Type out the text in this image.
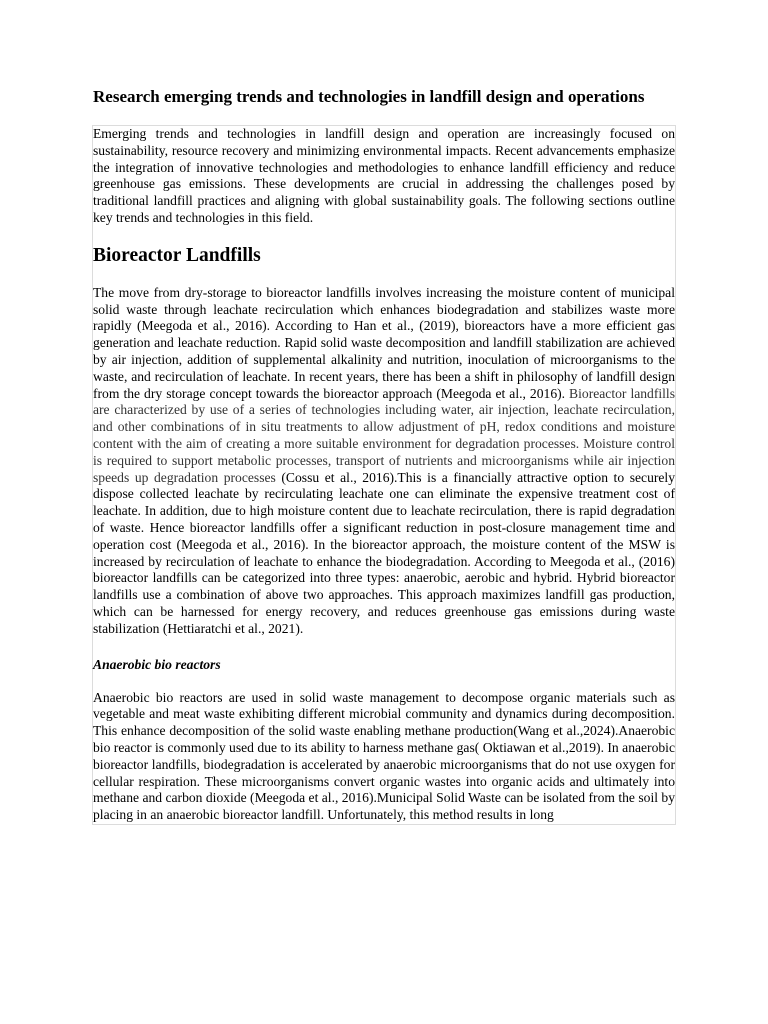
Research emerging trends and technologies in landfill design and operations

Emerging trends and technologies in landfill design and operation are increasingly focused on sustainability, resource recovery and minimizing environmental impacts. Recent advancements emphasize the integration of innovative technologies and methodologies to enhance landfill efficiency and reduce greenhouse gas emissions. These developments are crucial in addressing the challenges posed by traditional landfill practices and aligning with global sustainability goals. The following sections outline key trends and technologies in this field.

Bioreactor Landfills

The move from dry-storage to bioreactor landfills involves increasing the moisture content of municipal solid waste through leachate recirculation which enhances biodegradation and stabilizes waste more rapidly (Meegoda et al., 2016). According to Han et al., (2019), bioreactors have a more efficient gas generation and leachate reduction. Rapid solid waste decomposition and landfill stabilization are achieved by air injection, addition of supplemental alkalinity and nutrition, inoculation of microorganisms to the waste, and recirculation of leachate. In recent years, there has been a shift in philosophy of landfill design from the dry storage concept towards the bioreactor approach (Meegoda et al., 2016). Bioreactor landfills are characterized by use of a series of technologies including water, air injection, leachate recirculation, and other combinations of in situ treatments to allow adjustment of pH, redox conditions and moisture content with the aim of creating a more suitable environment for degradation processes. Moisture control is required to support metabolic processes, transport of nutrients and microorganisms while air injection speeds up degradation processes (Cossu et al., 2016).This is a financially attractive option to securely dispose collected leachate by recirculating leachate one can eliminate the expensive treatment cost of leachate. In addition, due to high moisture content due to leachate recirculation, there is rapid degradation of waste. Hence bioreactor landfills offer a significant reduction in post-closure management time and operation cost (Meegoda et al., 2016). In the bioreactor approach, the moisture content of the MSW is increased by recirculation of leachate to enhance the biodegradation. According to Meegoda et al., (2016) bioreactor landfills can be categorized into three types: anaerobic, aerobic and hybrid. Hybrid bioreactor landfills use a combination of above two approaches. This approach maximizes landfill gas production, which can be harnessed for energy recovery, and reduces greenhouse gas emissions during waste stabilization (Hettiaratchi et al., 2021).

Anaerobic bio reactors

Anaerobic bio reactors are used in solid waste management to decompose organic materials such as vegetable and meat waste exhibiting different microbial community and dynamics during decomposition. This enhance decomposition of the solid waste enabling methane production(Wang et al.,2024).Anaerobic bio reactor is commonly used due to its ability to harness methane gas( Oktiawan et al.,2019). In anaerobic bioreactor landfills, biodegradation is accelerated by anaerobic microorganisms that do not use oxygen for cellular respiration. These microorganisms convert organic wastes into organic acids and ultimately into methane and carbon dioxide (Meegoda et al., 2016).Municipal Solid Waste can be isolated from the soil by placing in an anaerobic bioreactor landfill. Unfortunately, this method results in long
